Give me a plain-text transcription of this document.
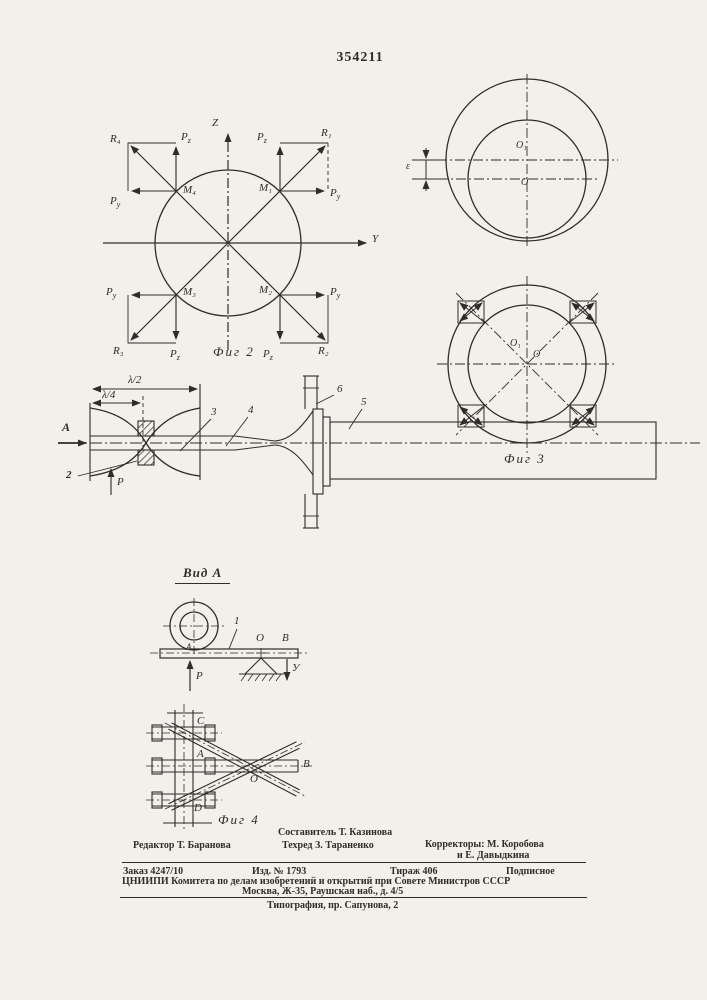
354211
Z
Y
M₁
M₂
M₃
M₄
R₁
R₂
R₃
R₄	$P_z$
$P_y$
$P_z$
$P_y$
$P_y$
$P_z$
$P_y$
$P_z$	Фиг 2
O₁
O
ε
O₁
O
Фиг 3
λ/2
λ/4
A
2
P
3	4
6
5
Вид А
1
A
O B
У
P
C
A
D
O
B
Фиг 4
Составитель Т. Казинова
Редактор Т. Баранова	Техред З. Тараненко	Корректоры: М. Коробова
и Е. Давыдкина
Заказ 4247/10	Изд. № 1793	Тираж 406	Подписное
ЦНИИПИ Комитета по делам изобретений и открытий при Совете Министров СССР
Москва, Ж-35, Раушская наб., д. 4/5
Типография, пр. Сапунова, 2
